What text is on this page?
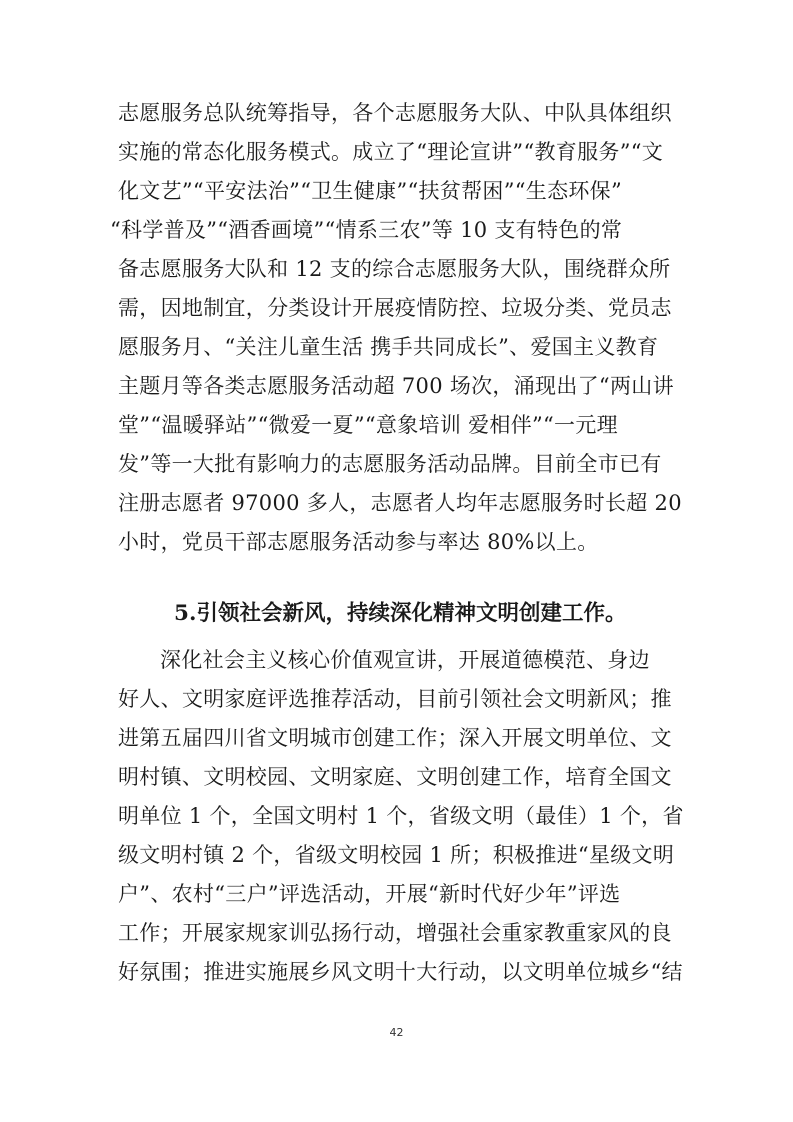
志愿服务总队统筹指导，各个志愿服务大队、中队具体组织
实施的常态化服务模式。成立了“理论宣讲”“教育服务”“文
化文艺”“平安法治”“卫生健康”“扶贫帮困”“生态环保”
“科学普及”“酒香画境”“情系三农”等 10 支有特色的常
备志愿服务大队和 12 支的综合志愿服务大队，围绕群众所
需，因地制宜，分类设计开展疫情防控、垃圾分类、党员志
愿服务月、“关注儿童生活 携手共同成长”、爱国主义教育
主题月等各类志愿服务活动超 700 场次，涌现出了“两山讲
堂”“温暖驿站”“微爱一夏”“意象培训 爱相伴”“一元理
发”等一大批有影响力的志愿服务活动品牌。目前全市已有
注册志愿者 97000 多人，志愿者人均年志愿服务时长超 20
小时，党员干部志愿服务活动参与率达 80%以上。
5.引领社会新风，持续深化精神文明创建工作。
深化社会主义核心价值观宣讲，开展道德模范、身边
好人、文明家庭评选推荐活动，目前引领社会文明新风；推
进第五届四川省文明城市创建工作；深入开展文明单位、文
明村镇、文明校园、文明家庭、文明创建工作，培育全国文
明单位 1 个，全国文明村 1 个，省级文明（最佳）1 个，省
级文明村镇 2 个，省级文明校园 1 所；积极推进“星级文明
户”、农村“三户”评选活动，开展“新时代好少年”评选
工作；开展家规家训弘扬行动，增强社会重家教重家风的良
好氛围；推进实施展乡风文明十大行动，以文明单位城乡“结
42
